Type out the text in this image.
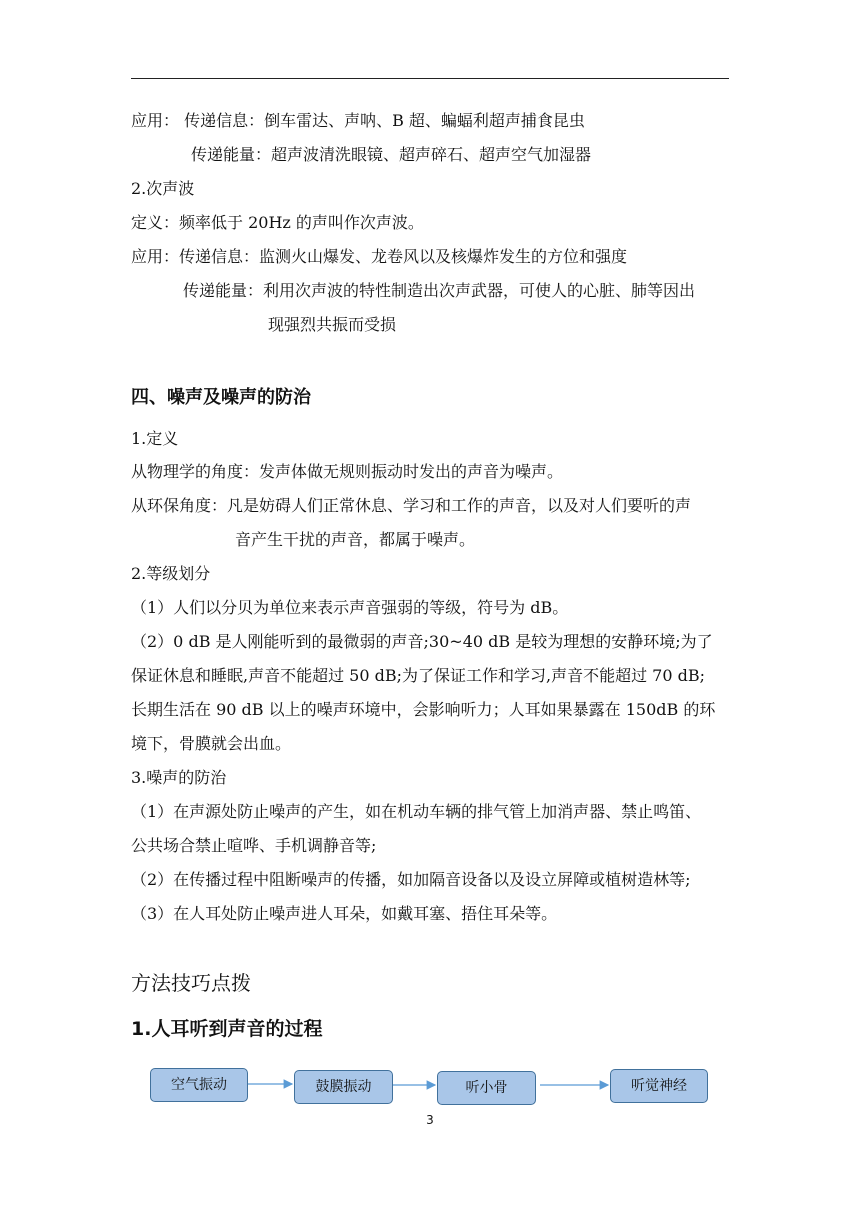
应用： 传递信息：倒车雷达、声呐、B 超、蝙蝠利超声捕食昆虫
传递能量：超声波清洗眼镜、超声碎石、超声空气加湿器
2.次声波
定义：频率低于 20Hz 的声叫作次声波。
应用：传递信息：监测火山爆发、龙卷风以及核爆炸发生的方位和强度
传递能量：利用次声波的特性制造出次声武器，可使人的心脏、肺等因出
现强烈共振而受损
四、噪声及噪声的防治
1.定义
从物理学的角度：发声体做无规则振动时发出的声音为噪声。
从环保角度：凡是妨碍人们正常休息、学习和工作的声音，以及对人们要听的声
音产生干扰的声音，都属于噪声。
2.等级划分
（1）人们以分贝为单位来表示声音强弱的等级，符号为 dB。
（2）0 dB 是人刚能听到的最微弱的声音;30~40 dB 是较为理想的安静环境;为了
保证休息和睡眠,声音不能超过 50 dB;为了保证工作和学习,声音不能超过 70 dB;
长期生活在 90 dB 以上的噪声环境中，会影响听力；人耳如果暴露在 150dB 的环
境下，骨膜就会出血。
3.噪声的防治
（1）在声源处防止噪声的产生，如在机动车辆的排气管上加消声器、禁止鸣笛、
公共场合禁止喧哗、手机调静音等;
（2）在传播过程中阻断噪声的传播，如加隔音设备以及设立屏障或植树造林等;
（3）在人耳处防止噪声进人耳朵，如戴耳塞、捂住耳朵等。
方法技巧点拨
1.人耳听到声音的过程
空气振动	鼓膜振动	听小骨	听觉神经
3
